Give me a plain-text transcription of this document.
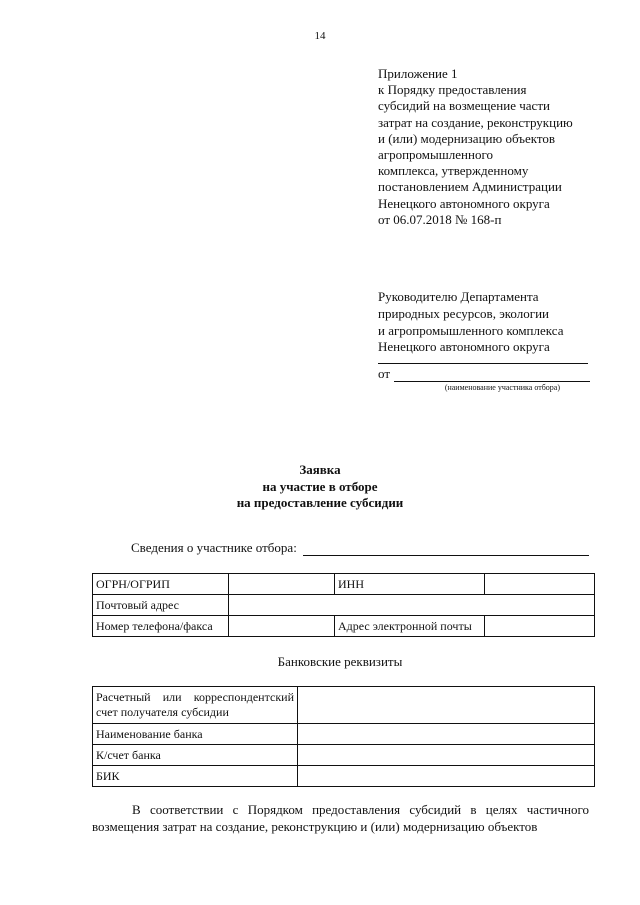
14
Приложение 1
к Порядку предоставления
субсидий на возмещение части
затрат на создание, реконструкцию
и (или) модернизацию объектов
агропромышленного
комплекса, утвержденному
постановлением Администрации
Ненецкого автономного округа
от 06.07.2018 № 168-п
Руководителю Департамента
природных ресурсов, экологии
и агропромышленного комплекса
Ненецкого автономного округа
от
(наименование участника отбора)
Заявка
на участие в отборе
на предоставление субсидии
Сведения о участнике отбора:
ОГРН/ОГРИП		ИНН	
Почтовый адрес			
Номер телефона/факса		Адрес электронной почты	
Банковские реквизиты
Расчетный или корреспондентский
счет получателя субсидии	

Наименование банка	
К/счет банка	
БИК	
В соответствии с Порядком предоставления субсидий в целях частичного возмещения затрат на создание, реконструкцию и (или) модернизацию объектов
